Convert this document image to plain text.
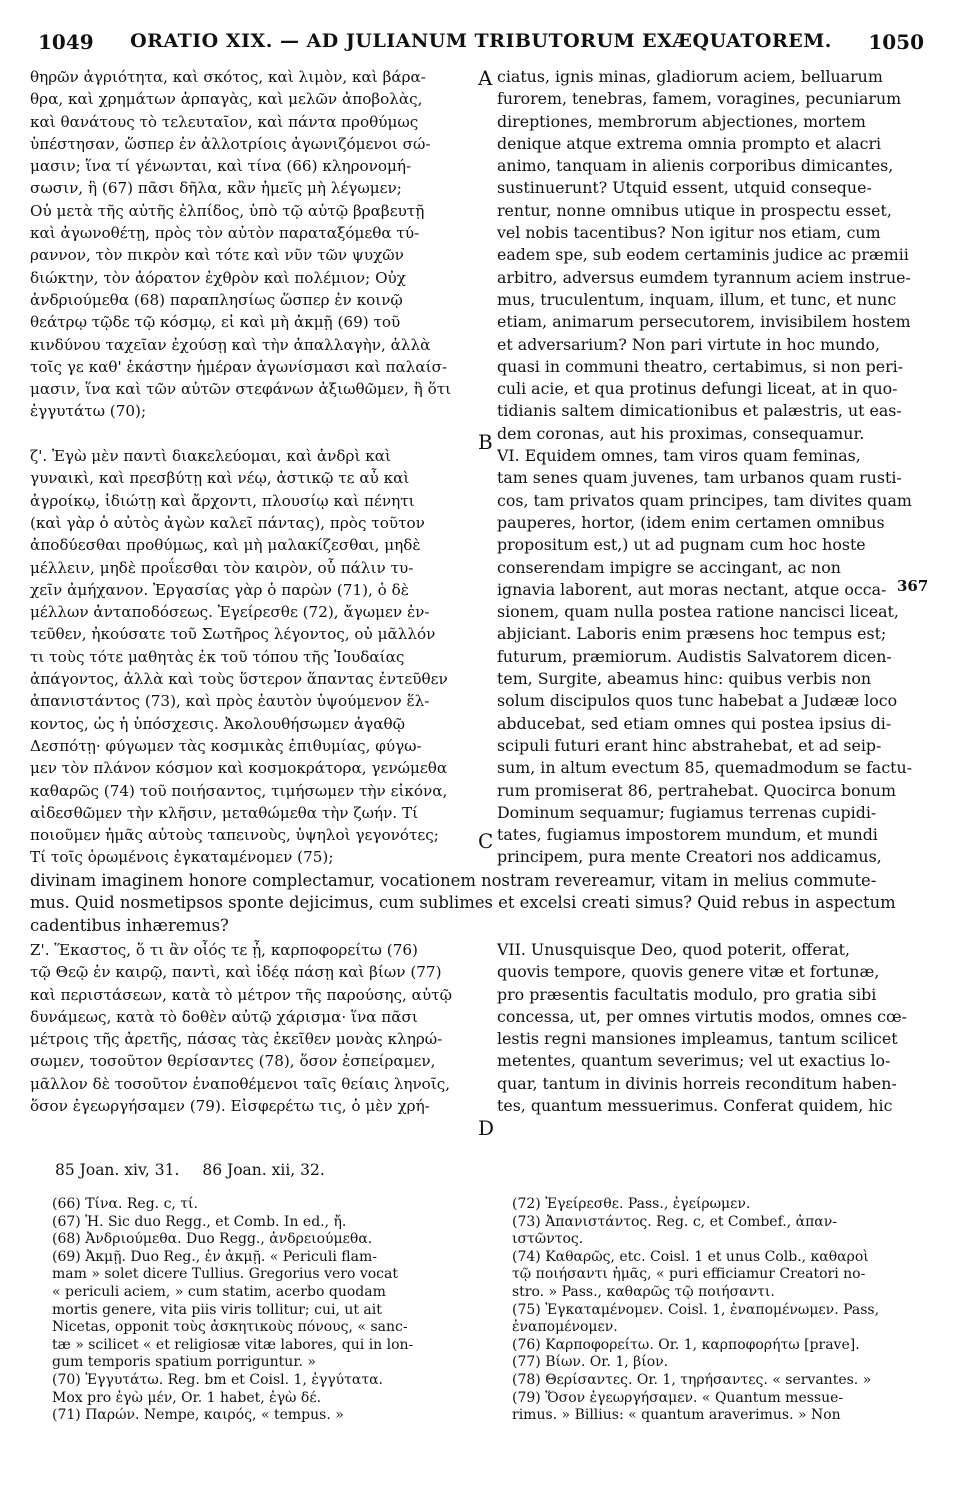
1049	ORATIO XIX. — AD JULIANUM TRIBUTORUM EXÆQUATOREM.	1050
θηρῶν ἀγριότητα, καὶ σκότος, καὶ λιμὸν, καὶ βάρα-
θρα, καὶ χρημάτων ἁρπαγὰς, καὶ μελῶν ἀποβολὰς,
καὶ θανάτους τὸ τελευταῖον, καὶ πάντα προθύμως
ὑπέστησαν, ὥσπερ ἐν ἀλλοτρίοις ἀγωνιζόμενοι σώ-
μασιν; ἵνα τί γένωνται, καὶ τίνα (66) κληρονομή-
σωσιν, ἣ (67) πᾶσι δῆλα, κἂν ἡμεῖς μὴ λέγωμεν;
Οὐ μετὰ τῆς αὐτῆς ἐλπίδος, ὑπὸ τῷ αὐτῷ βραβευτῇ
καὶ ἀγωνοθέτῃ, πρὸς τὸν αὐτὸν παραταξόμεθα τύ-
ραννον, τὸν πικρὸν καὶ τότε καὶ νῦν τῶν ψυχῶν
διώκτην, τὸν ἀόρατον ἐχθρὸν καὶ πολέμιον; Οὐχ
ἀνδριούμεθα (68) παραπλησίως ὥσπερ ἐν κοινῷ
θεάτρῳ τῷδε τῷ κόσμῳ, εἰ καὶ μὴ ἀκμῇ (69) τοῦ
κινδύνου ταχεῖαν ἐχούσῃ καὶ τὴν ἀπαλλαγὴν, ἀλλὰ
τοῖς γε καθ' ἑκάστην ἡμέραν ἀγωνίσμασι καὶ παλαίσ-
μασιν, ἵνα καὶ τῶν αὐτῶν στεφάνων ἀξιωθῶμεν, ἢ ὅτι
ἐγγυτάτω (70);

ζ'. Ἐγὼ μὲν παντὶ διακελεύομαι, καὶ ἀνδρὶ καὶ
γυναικὶ, καὶ πρεσβύτῃ καὶ νέῳ, ἀστικῷ τε αὖ καὶ
ἀγροίκῳ, ἰδιώτῃ καὶ ἄρχοντι, πλουσίῳ καὶ πένητι
(καὶ γὰρ ὁ αὐτὸς ἀγὼν καλεῖ πάντας), πρὸς τοῦτον
ἀποδύεσθαι προθύμως, καὶ μὴ μαλακίζεσθαι, μηδὲ
μέλλειν, μηδὲ προΐεσθαι τὸν καιρὸν, οὗ πάλιν τυ-
χεῖν ἀμήχανον. Ἐργασίας γὰρ ὁ παρὼν (71), ὁ δὲ
μέλλων ἀνταποδόσεως. Ἐγείρεσθε (72), ἄγωμεν ἐν-
τεῦθεν, ἠκούσατε τοῦ Σωτῆρος λέγοντος, οὐ μᾶλλόν
τι τοὺς τότε μαθητὰς ἐκ τοῦ τόπου τῆς Ἰουδαίας
ἀπάγοντος, ἀλλὰ καὶ τοὺς ὕστερον ἅπαντας ἐντεῦθεν
ἀπανιστάντος (73), καὶ πρὸς ἑαυτὸν ὑψούμενον ἕλ-
κοντος, ὡς ἡ ὑπόσχεσις. Ἀκολουθήσωμεν ἀγαθῷ
Δεσπότῃ· φύγωμεν τὰς κοσμικὰς ἐπιθυμίας, φύγω-
μεν τὸν πλάνον κόσμον καὶ κοσμοκράτορα, γενώμεθα
καθαρῶς (74) τοῦ ποιήσαντος, τιμήσωμεν τὴν εἰκόνα,
αἰδεσθῶμεν τὴν κλῆσιν, μεταθώμεθα τὴν ζωήν. Τί
ποιοῦμεν ἡμᾶς αὐτοὺς ταπεινοὺς, ὑψηλοὶ γεγονότες;
Τί τοῖς ὁρωμένοις ἐγκαταμένομεν (75);
ciatus, ignis minas, gladiorum aciem, belluarum
furorem, tenebras, famem, voragines, pecuniarum
direptiones, membrorum abjectiones, mortem
denique atque extrema omnia prompto et alacri
animo, tanquam in alienis corporibus dimicantes,
sustinuerunt? Utquid essent, utquid conseque-
rentur, nonne omnibus utique in prospectu esset,
vel nobis tacentibus? Non igitur nos etiam, cum
eadem spe, sub eodem certaminis judice ac præmii
arbitro, adversus eumdem tyrannum aciem instrue-
mus, truculentum, inquam, illum, et tunc, et nunc
etiam, animarum persecutorem, invisibilem hostem
et adversarium? Non pari virtute in hoc mundo,
quasi in communi theatro, certabimus, si non peri-
culi acie, et qua protinus defungi liceat, at in quo-
tidianis saltem dimicationibus et palæstris, ut eas-
dem coronas, aut his proximas, consequamur.
VI. Equidem omnes, tam viros quam feminas,
tam senes quam juvenes, tam urbanos quam rusti-
cos, tam privatos quam principes, tam divites quam
pauperes, hortor, (idem enim certamen omnibus
propositum est,) ut ad pugnam cum hoc hoste
conserendam impigre se accingant, ac non
ignavia laborent, aut moras nectant, atque occa-
sionem, quam nulla postea ratione nancisci liceat,
abjiciant. Laboris enim præsens hoc tempus est;
futurum, præmiorum. Audistis Salvatorem dicen-
tem, Surgite, abeamus hinc: quibus verbis non
solum discipulos quos tunc habebat a Judææ loco
abducebat, sed etiam omnes qui postea ipsius di-
scipuli futuri erant hinc abstrahebat, et ad seip-
sum, in altum evectum 85, quemadmodum se factu-
rum promiserat 86, pertrahebat. Quocirca bonum
Dominum sequamur; fugiamus terrenas cupidi-
tates, fugiamus impostorem mundum, et mundi
principem, pura mente Creatori nos addicamus,
A
B
C
D
367
divinam imaginem honore complectamur, vocationem nostram revereamur, vitam in melius commute-
mus. Quid nosmetipsos sponte dejicimus, cum sublimes et excelsi creati simus? Quid rebus in aspectum
cadentibus inhæremus?
Ζ'. Ἕκαστος, ὅ τι ἂν οἷός τε ᾖ, καρποφορείτω (76)
τῷ Θεῷ ἐν καιρῷ, παντὶ, καὶ ἰδέᾳ πάσῃ καὶ βίων (77)
καὶ περιστάσεων, κατὰ τὸ μέτρον τῆς παρούσης, αὐτῷ
δυνάμεως, κατὰ τὸ δοθὲν αὐτῷ χάρισμα· ἵνα πᾶσι
μέτροις τῆς ἀρετῆς, πάσας τὰς ἐκεῖθεν μονὰς κληρώ-
σωμεν, τοσοῦτον θερίσαντες (78), ὅσον ἐσπείραμεν,
μᾶλλον δὲ τοσοῦτον ἐναποθέμενοι ταῖς θείαις ληνοῖς,
ὅσον ἐγεωργήσαμεν (79). Εἰσφερέτω τις, ὁ μὲν χρή-
VII. Unusquisque Deo, quod poterit, offerat,
quovis tempore, quovis genere vitæ et fortunæ,
pro præsentis facultatis modulo, pro gratia sibi
concessa, ut, per omnes virtutis modos, omnes cœ-
lestis regni mansiones impleamus, tantum scilicet
metentes, quantum severimus; vel ut exactius lo-
quar, tantum in divinis horreis reconditum haben-
tes, quantum messuerimus. Conferat quidem, hic
85 Joan. xiv, 31. 86 Joan. xii, 32.
(66) Τίνα. Reg. c, τί.
(67) Ἡ. Sic duo Regg., et Comb. In ed., ἤ.
(68) Ἀνδριούμεθα. Duo Regg., ἀνδρειούμεθα.
(69) Ἀκμῇ. Duo Reg., ἐν ἀκμῇ. « Periculi flam-
mam » solet dicere Tullius. Gregorius vero vocat
« periculi aciem, » cum statim, acerbo quodam
mortis genere, vita piis viris tollitur; cui, ut ait
Nicetas, opponit τοὺς ἀσκητικοὺς πόνους, « sanc-
tæ » scilicet « et religiosæ vitæ labores, qui in lon-
gum temporis spatium porriguntur. »
(70) Ἐγγυτάτω. Reg. bm et Coisl. 1, ἐγγύτατα.
Mox pro ἐγὼ μέν, Or. 1 habet, ἐγὼ δέ.
(71) Παρών. Nempe, καιρός, « tempus. »
(72) Ἐγείρεσθε. Pass., ἐγείρωμεν.
(73) Ἀπανιστάντος. Reg. c, et Combef., ἀπαν-
ιστῶντος.
(74) Καθαρῶς, etc. Coisl. 1 et unus Colb., καθαροὶ
τῷ ποιήσαντι ἡμᾶς, « puri efficiamur Creatori no-
stro. » Pass., καθαρῶς τῷ ποιήσαντι.
(75) Ἐγκαταμένομεν. Coisl. 1, ἐναπομένωμεν. Pass,
ἐναπομένομεν.
(76) Καρποφορείτω. Or. 1, καρποφορήτω [prave].
(77) Βίων. Or. 1, βίον.
(78) Θερίσαντες. Or. 1, τηρήσαντες. « servantes. »
(79) Ὅσον ἐγεωργήσαμεν. « Quantum messue-
rimus. » Billius: « quantum araverimus. » Non
